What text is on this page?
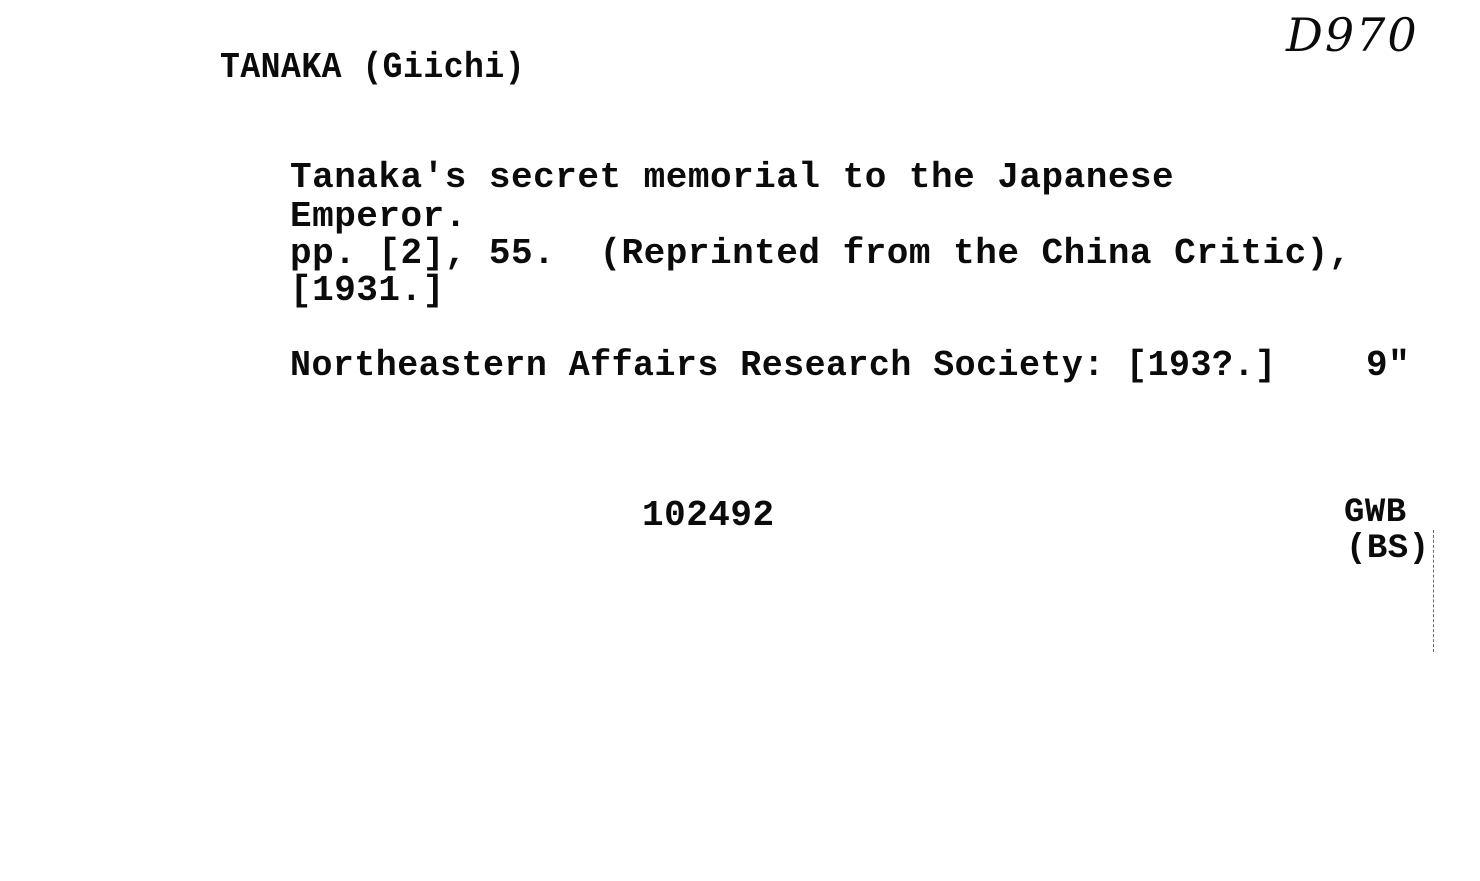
D970
TANAKA (Giichi)
Tanaka's secret memorial to the Japanese
Emperor.
pp. [2], 55.  (Reprinted from the China Critic),
[1931.]
Northeastern Affairs Research Society: [193?.] 9"
102492	GWB
(BS)
